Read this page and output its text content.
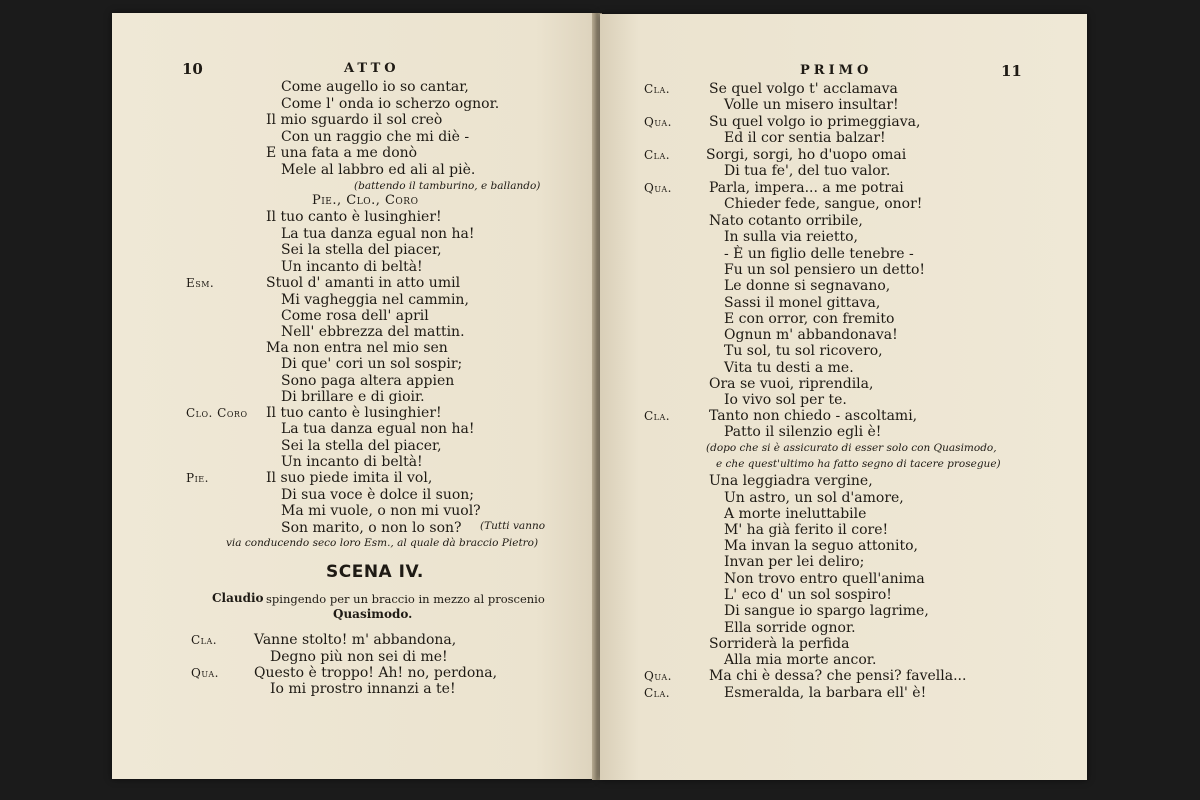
10	ATTO
Come augello io so cantar,
Come l' onda io scherzo ognor.
Il mio sguardo il sol creò
Con un raggio che mi diè -
E una fata a me donò
Mele al labbro ed ali al piè.
(battendo il tamburino, e ballando)
Pie., Clo., Coro
Il tuo canto è lusinghier!
La tua danza egual non ha!
Sei la stella del piacer,
Un incanto di beltà!
Stuol d' amanti in atto umil
Esm.
Mi vagheggia nel cammin,
Come rosa dell' april
Nell' ebbrezza del mattin.
Ma non entra nel mio sen
Di que' cori un sol sospir;
Sono paga altera appien
Di brillare e di gioir.
Il tuo canto è lusinghier!
Clo. Coro
La tua danza egual non ha!
Sei la stella del piacer,
Un incanto di beltà!
Il suo piede imita il vol,
Pie.
Di sua voce è dolce il suon;
Ma mi vuole, o non mi vuol?
Son marito, o non lo son? (Tutti vanno
via conducendo seco loro Esm., al quale dà braccio Pietro)
SCENA IV.
Claudio spingendo per un braccio in mezzo al proscenio
Quasimodo.
Vanne stolto! m' abbandona,
Cla.
Degno più non sei di me!
Questo è troppo! Ah! no, perdona,
Qua.
Io mi prostro innanzi a te!
PRIMO	11
Se quel volgo t' acclamava
Cla.
Volle un misero insultar!
Su quel volgo io primeggiava,
Qua.
Ed il cor sentia balzar!
Sorgi, sorgi, ho d'uopo omai
Cla.
Di tua fe', del tuo valor.
Parla, impera... a me potrai
Qua.
Chieder fede, sangue, onor!
Nato cotanto orribile,
In sulla via reietto,
- È un figlio delle tenebre -
Fu un sol pensiero un detto!
Le donne si segnavano,
Sassi il monel gittava,
E con orror, con fremito
Ognun m' abbandonava!
Tu sol, tu sol ricovero,
Vita tu desti a me.
Ora se vuoi, riprendila,
Io vivo sol per te.
Tanto non chiedo - ascoltami,
Cla.
Patto il silenzio egli è!
(dopo che si è assicurato di esser solo con Quasimodo,
e che quest'ultimo ha fatto segno di tacere prosegue)
Una leggiadra vergine,
Un astro, un sol d'amore,
A morte ineluttabile
M' ha già ferito il core!
Ma invan la seguo attonito,
Invan per lei deliro;
Non trovo entro quell'anima
L' eco d' un sol sospiro!
Di sangue io spargo lagrime,
Ella sorride ognor.
Sorriderà la perfida
Alla mia morte ancor.
Ma chi è dessa? che pensi? favella...
Qua.
Esmeralda, la barbara ell' è!
Cla.
